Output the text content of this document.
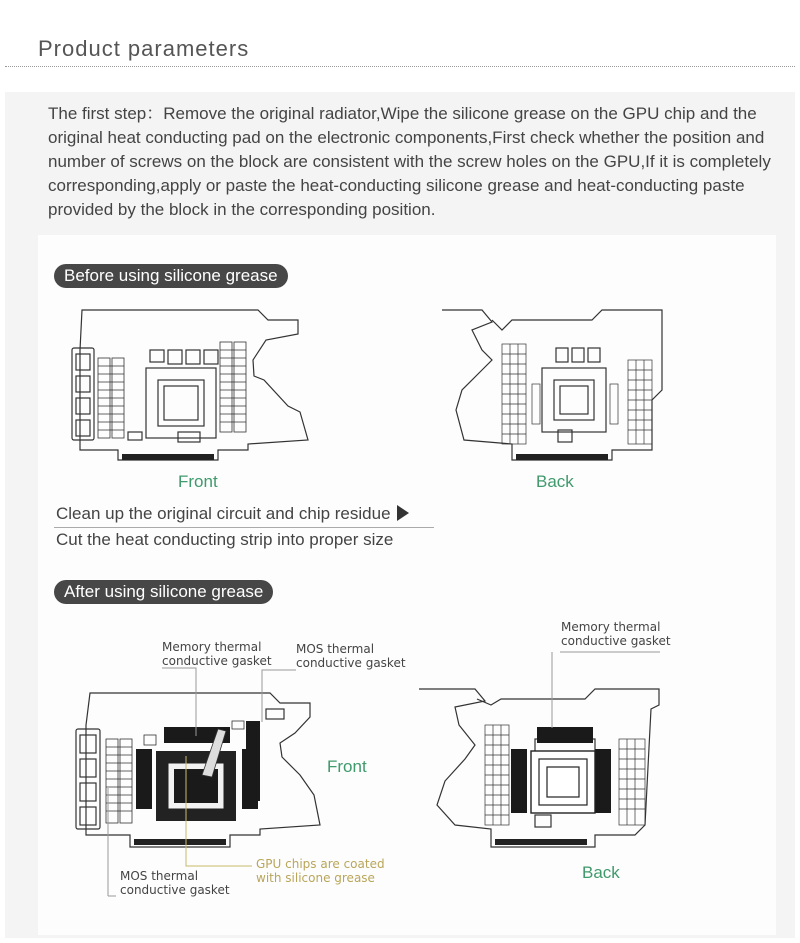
Product parameters
The first step：Remove the original radiator,Wipe the silicone grease on the GPU chip and the original heat conducting pad on the electronic components,First check whether the position and number of screws on the block are consistent with the screw holes on the GPU,If it is completely corresponding,apply or paste the heat-conducting silicone grease and heat-conducting paste provided by the block in the corresponding position.
Before using silicone grease
Front	Back
Clean up the original circuit and chip residue
Cut the heat conducting strip into proper size
After using silicone grease
Front
Back
Memory thermal
conductive gasket
MOS thermal
conductive gasket
Memory thermal
conductive gasket
MOS thermal
conductive gasket
GPU chips are coated
with silicone grease
